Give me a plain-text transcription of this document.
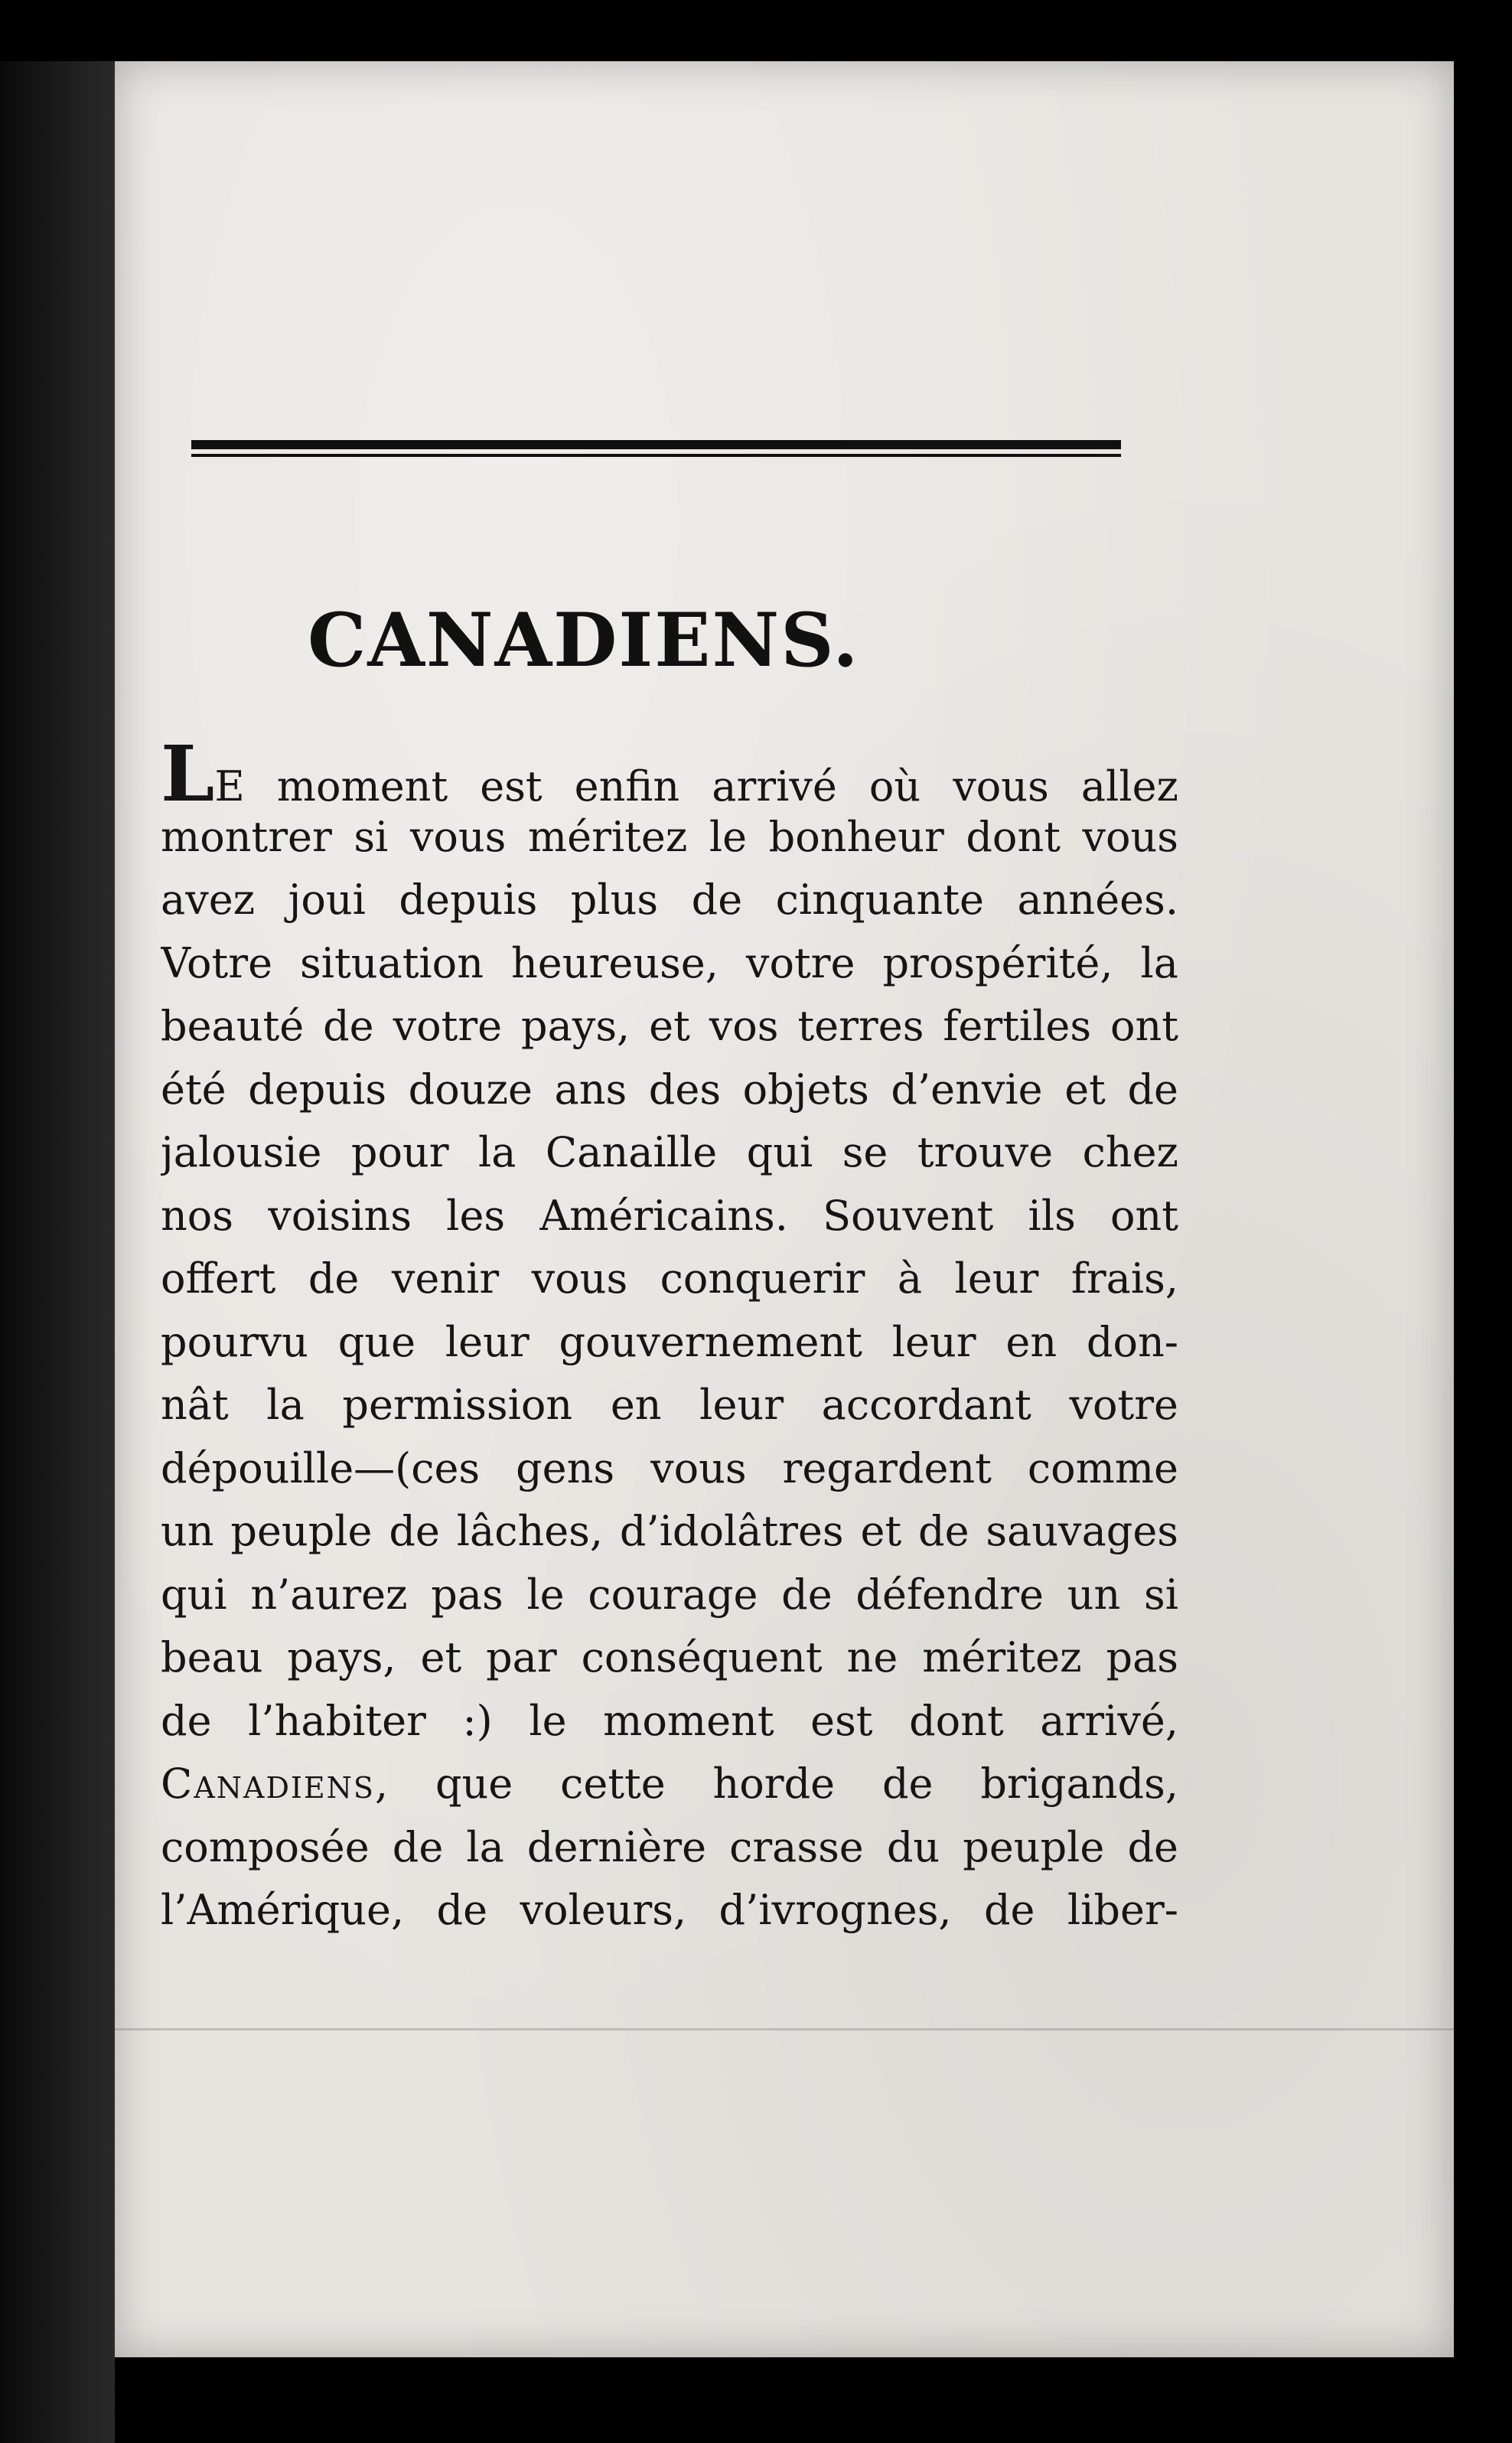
CANADIENS.
LE moment est enfin arrivé où vous allez
montrer si vous méritez le bonheur dont vous
avez joui depuis plus de cinquante années.
Votre situation heureuse, votre prospérité, la
beauté de votre pays, et vos terres fertiles ont
été depuis douze ans des objets d’envie et de
jalousie pour la Canaille qui se trouve chez
nos voisins les Américains. Souvent ils ont
offert de venir vous conquerir à leur frais,
pourvu que leur gouvernement leur en don-
nât la permission en leur accordant votre
dépouille—(ces gens vous regardent comme
un peuple de lâches, d’idolâtres et de sauvages
qui n’aurez pas le courage de défendre un si
beau pays, et par conséquent ne méritez pas
de l’habiter :) le moment est dont arrivé,
Canadiens, que cette horde de brigands,
composée de la dernière crasse du peuple de
l’Amérique, de voleurs, d’ivrognes, de liber-
